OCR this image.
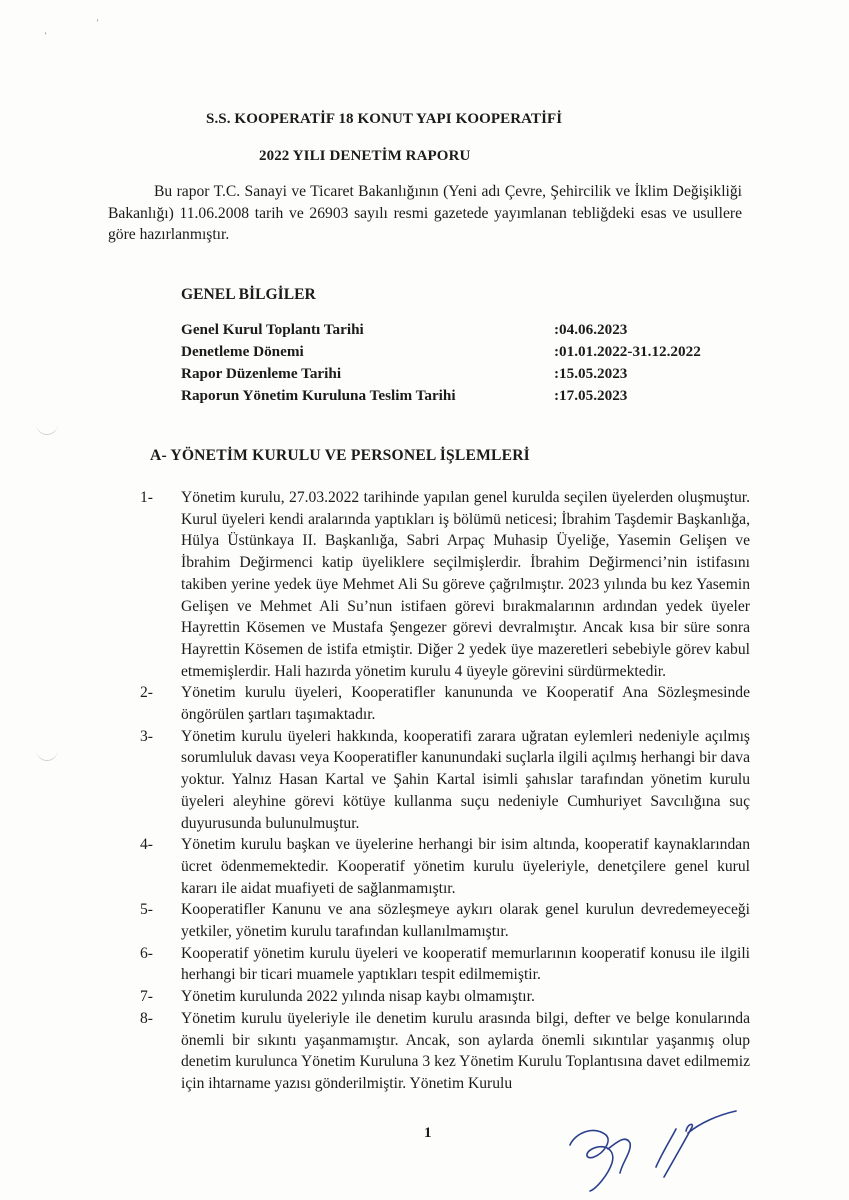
'
'
S.S. KOOPERATİF 18 KONUT YAPI KOOPERATİFİ
2022 YILI DENETİM RAPORU
Bu rapor T.C. Sanayi ve Ticaret Bakanlığının (Yeni adı Çevre, Şehircilik ve İklim Değişikliği Bakanlığı) 11.06.2008 tarih ve 26903 sayılı resmi gazetede yayımlanan tebliğdeki esas ve usullere göre hazırlanmıştır.
GENEL BİLGİLER
Genel Kurul Toplantı Tarihi	:04.06.2023
Denetleme Dönemi	:01.01.2022-31.12.2022
Rapor Düzenleme Tarihi	:15.05.2023
Raporun Yönetim Kuruluna Teslim Tarihi	:17.05.2023
A- YÖNETİM KURULU VE PERSONEL İŞLEMLERİ
1-	Yönetim kurulu, 27.03.2022 tarihinde yapılan genel kurulda seçilen üyelerden oluşmuştur. Kurul üyeleri kendi aralarında yaptıkları iş bölümü neticesi; İbrahim Taşdemir Başkanlığa, Hülya Üstünkaya II. Başkanlığa, Sabri Arpaç Muhasip Üyeliğe, Yasemin Gelişen ve İbrahim Değirmenci katip üyeliklere seçilmişlerdir. İbrahim Değirmenci’nin istifasını takiben yerine yedek üye Mehmet Ali Su göreve çağrılmıştır. 2023 yılında bu kez Yasemin Gelişen ve Mehmet Ali Su’nun istifaen görevi bırakmalarının ardından yedek üyeler Hayrettin Kösemen ve Mustafa Şengezer görevi devralmıştır. Ancak kısa bir süre sonra Hayrettin Kösemen de istifa etmiştir. Diğer 2 yedek üye mazeretleri sebebiyle görev kabul etmemişlerdir. Hali hazırda yönetim kurulu 4 üyeyle görevini sürdürmektedir.
2-	Yönetim kurulu üyeleri, Kooperatifler kanununda ve Kooperatif Ana Sözleşmesinde öngörülen şartları taşımaktadır.
3-	Yönetim kurulu üyeleri hakkında, kooperatifi zarara uğratan eylemleri nedeniyle açılmış sorumluluk davası veya Kooperatifler kanunundaki suçlarla ilgili açılmış herhangi bir dava yoktur. Yalnız Hasan Kartal ve Şahin Kartal isimli şahıslar tarafından yönetim kurulu üyeleri aleyhine görevi kötüye kullanma suçu nedeniyle Cumhuriyet Savcılığına suç duyurusunda bulunulmuştur.
4-	Yönetim kurulu başkan ve üyelerine herhangi bir isim altında, kooperatif kaynaklarından ücret ödenmemektedir. Kooperatif yönetim kurulu üyeleriyle, denetçilere genel kurul kararı ile aidat muafiyeti de sağlanmamıştır.
5-	Kooperatifler Kanunu ve ana sözleşmeye aykırı olarak genel kurulun devredemeyeceği yetkiler, yönetim kurulu tarafından kullanılmamıştır.
6-	Kooperatif yönetim kurulu üyeleri ve kooperatif memurlarının kooperatif konusu ile ilgili herhangi bir ticari muamele yaptıkları tespit edilmemiştir.
7-	Yönetim kurulunda 2022 yılında nisap kaybı olmamıştır.
8-	Yönetim kurulu üyeleriyle ile denetim kurulu arasında bilgi, defter ve belge konularında önemli bir sıkıntı yaşanmamıştır. Ancak, son aylarda önemli sıkıntılar yaşanmış olup denetim kurulunca Yönetim Kuruluna 3 kez Yönetim Kurulu Toplantısına davet edilmemiz için ihtarname yazısı gönderilmiştir. Yönetim Kurulu
1
